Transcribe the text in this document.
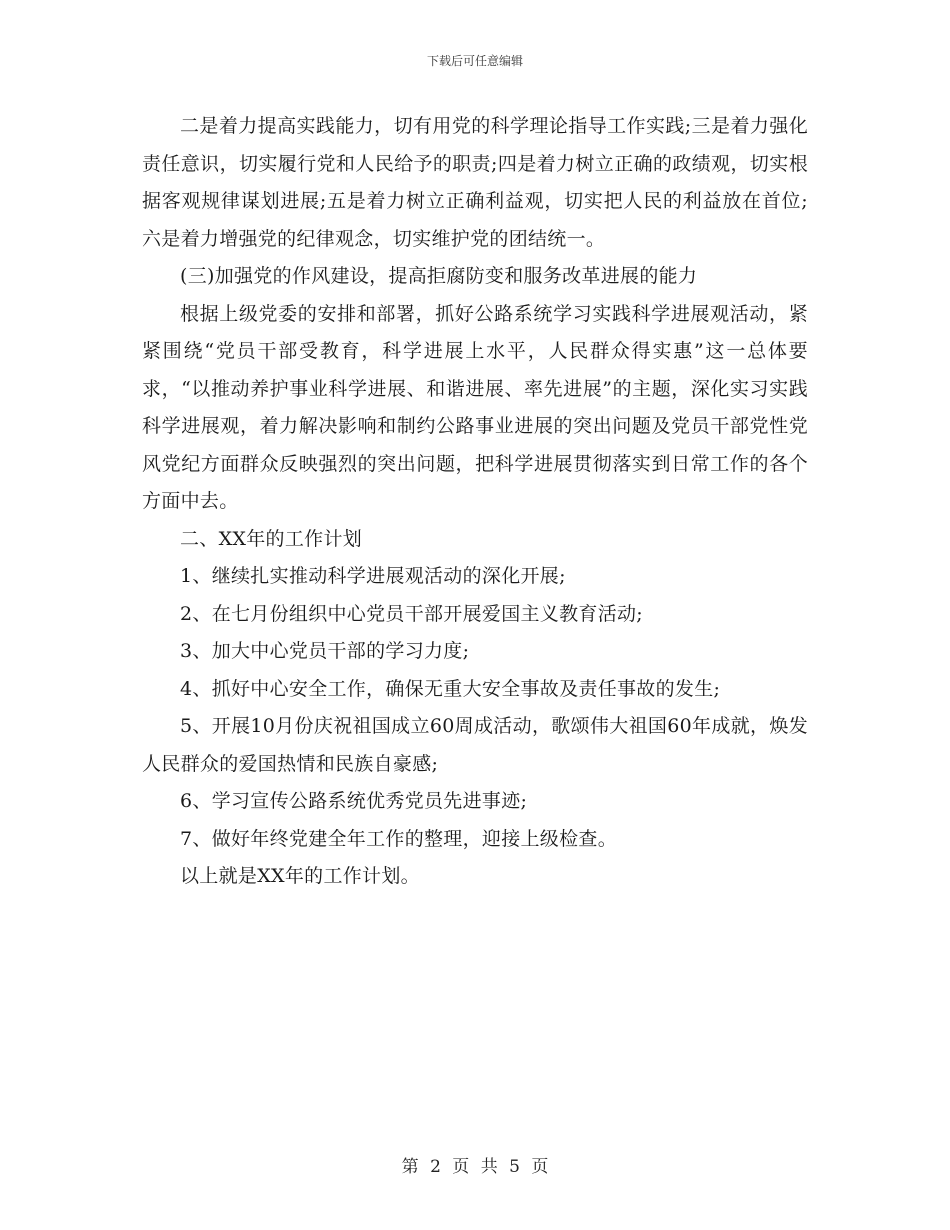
下载后可任意编辑

二是着力提高实践能力，切有用党的科学理论指导工作实践;三是着力强化责任意识，切实履行党和人民给予的职责;四是着力树立正确的政绩观，切实根据客观规律谋划进展;五是着力树立正确利益观，切实把人民的利益放在首位;六是着力增强党的纪律观念，切实维护党的团结统一。

(三)加强党的作风建设，提高拒腐防变和服务改革进展的能力

根据上级党委的安排和部署，抓好公路系统学习实践科学进展观活动，紧紧围绕“党员干部受教育，科学进展上水平，人民群众得实惠”这一总体要求，“以推动养护事业科学进展、和谐进展、率先进展”的主题，深化实习实践科学进展观，着力解决影响和制约公路事业进展的突出问题及党员干部党性党风党纪方面群众反映强烈的突出问题，把科学进展贯彻落实到日常工作的各个方面中去。

二、XX年的工作计划

1、继续扎实推动科学进展观活动的深化开展;

2、在七月份组织中心党员干部开展爱国主义教育活动;

3、加大中心党员干部的学习力度;

4、抓好中心安全工作，确保无重大安全事故及责任事故的发生;

5、开展10月份庆祝祖国成立60周成活动，歌颂伟大祖国60年成就，焕发人民群众的爱国热情和民族自豪感;

6、学习宣传公路系统优秀党员先进事迹;

7、做好年终党建全年工作的整理，迎接上级检查。

以上就是XX年的工作计划。

第 2 页 共 5 页
